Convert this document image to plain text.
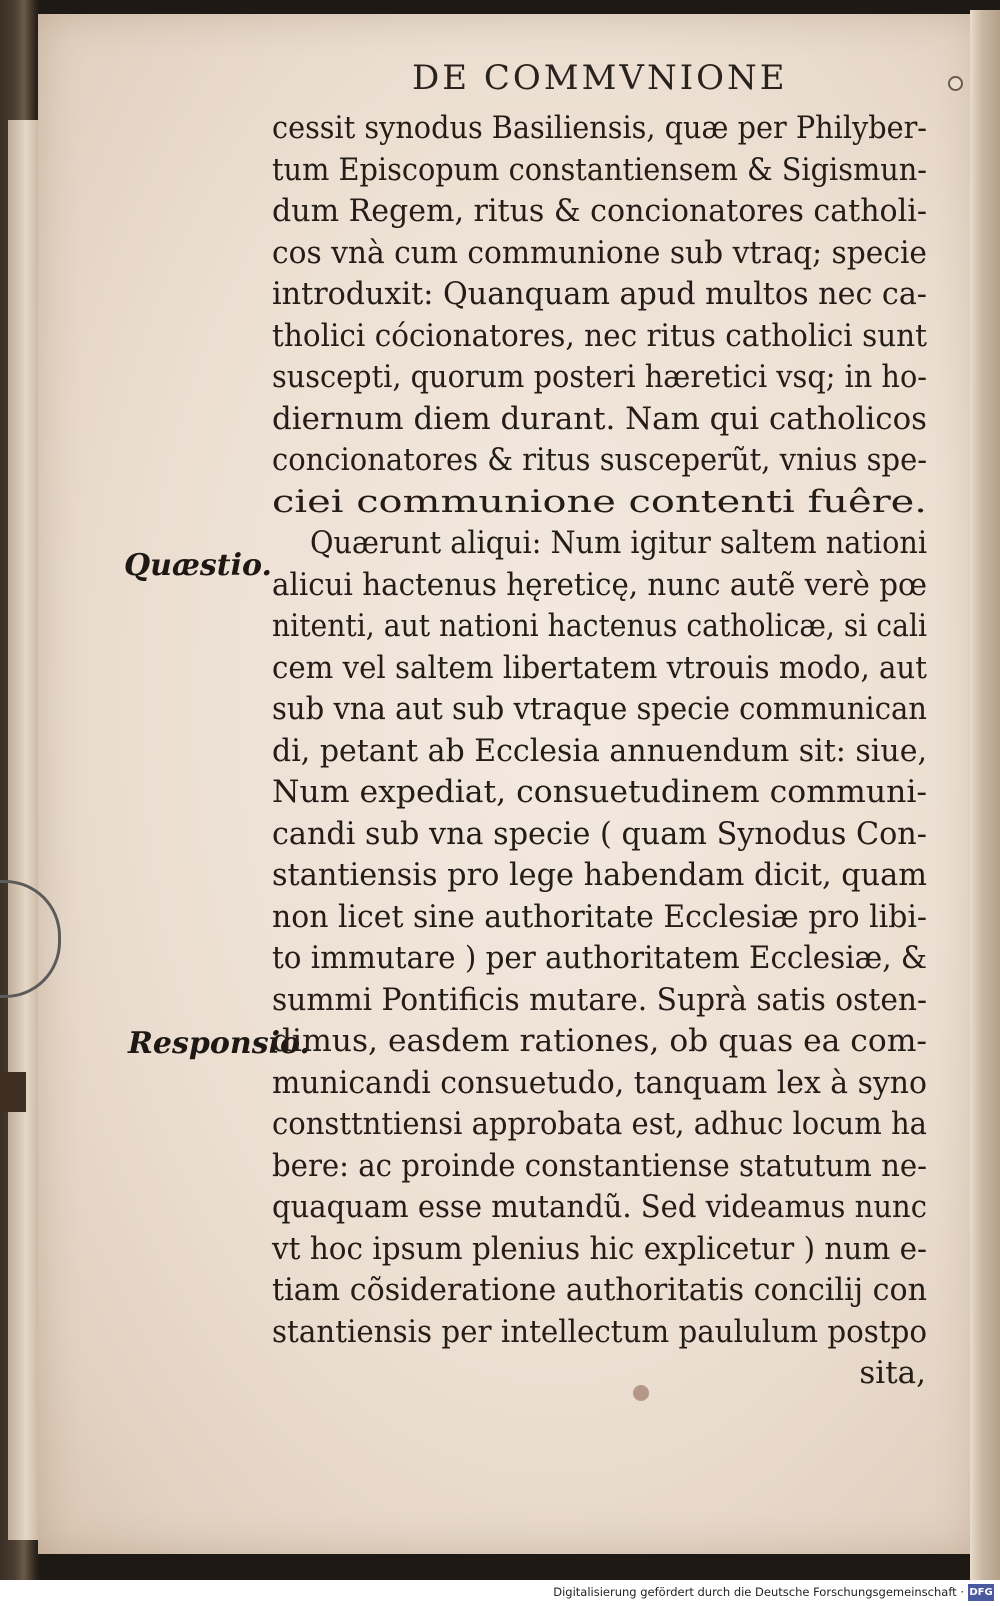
DE COMMVNIONE
Quæstio.
Responsio.
cessit synodus Basiliensis, quæ per Philyber-
tum Episcopum constantiensem & Sigismun-
dum Regem, ritus & concionatores catholi-
cos vnà cum communione sub vtraq; specie
introduxit: Quanquam apud multos nec ca-
tholici cócionatores, nec ritus catholici sunt
suscepti, quorum posteri hæretici vsq; in ho-
diernum diem durant. Nam qui catholicos
concionatores & ritus susceperũt, vnius spe-
ciei communione contenti fuêre.
Quærunt aliqui: Num igitur saltem nationi
alicui hactenus hęreticę, nunc autẽ verè pœ
nitenti, aut nationi hactenus catholicæ, si cali
cem vel saltem libertatem vtrouis modo, aut
sub vna aut sub vtraque specie communican
di, petant ab Ecclesia annuendum sit: siue,
Num expediat, consuetudinem communi-
candi sub vna specie ( quam Synodus Con-
stantiensis pro lege habendam dicit, quam
non licet sine authoritate Ecclesiæ pro libi-
to immutare ) per authoritatem Ecclesiæ, &
summi Pontificis mutare. Suprà satis osten-
dimus, easdem rationes, ob quas ea com-
municandi consuetudo, tanquam lex à syno
consttntiensi approbata est, adhuc locum ha
bere: ac proinde constantiense statutum ne-
quaquam esse mutandũ. Sed videamus nunc
vt hoc ipsum plenius hic explicetur ) num e-
tiam cõsideratione authoritatis concilij con
stantiensis per intellectum paululum postpo
sita,
Digitalisierung gefördert durch die Deutsche Forschungsgemeinschaft · DFG
